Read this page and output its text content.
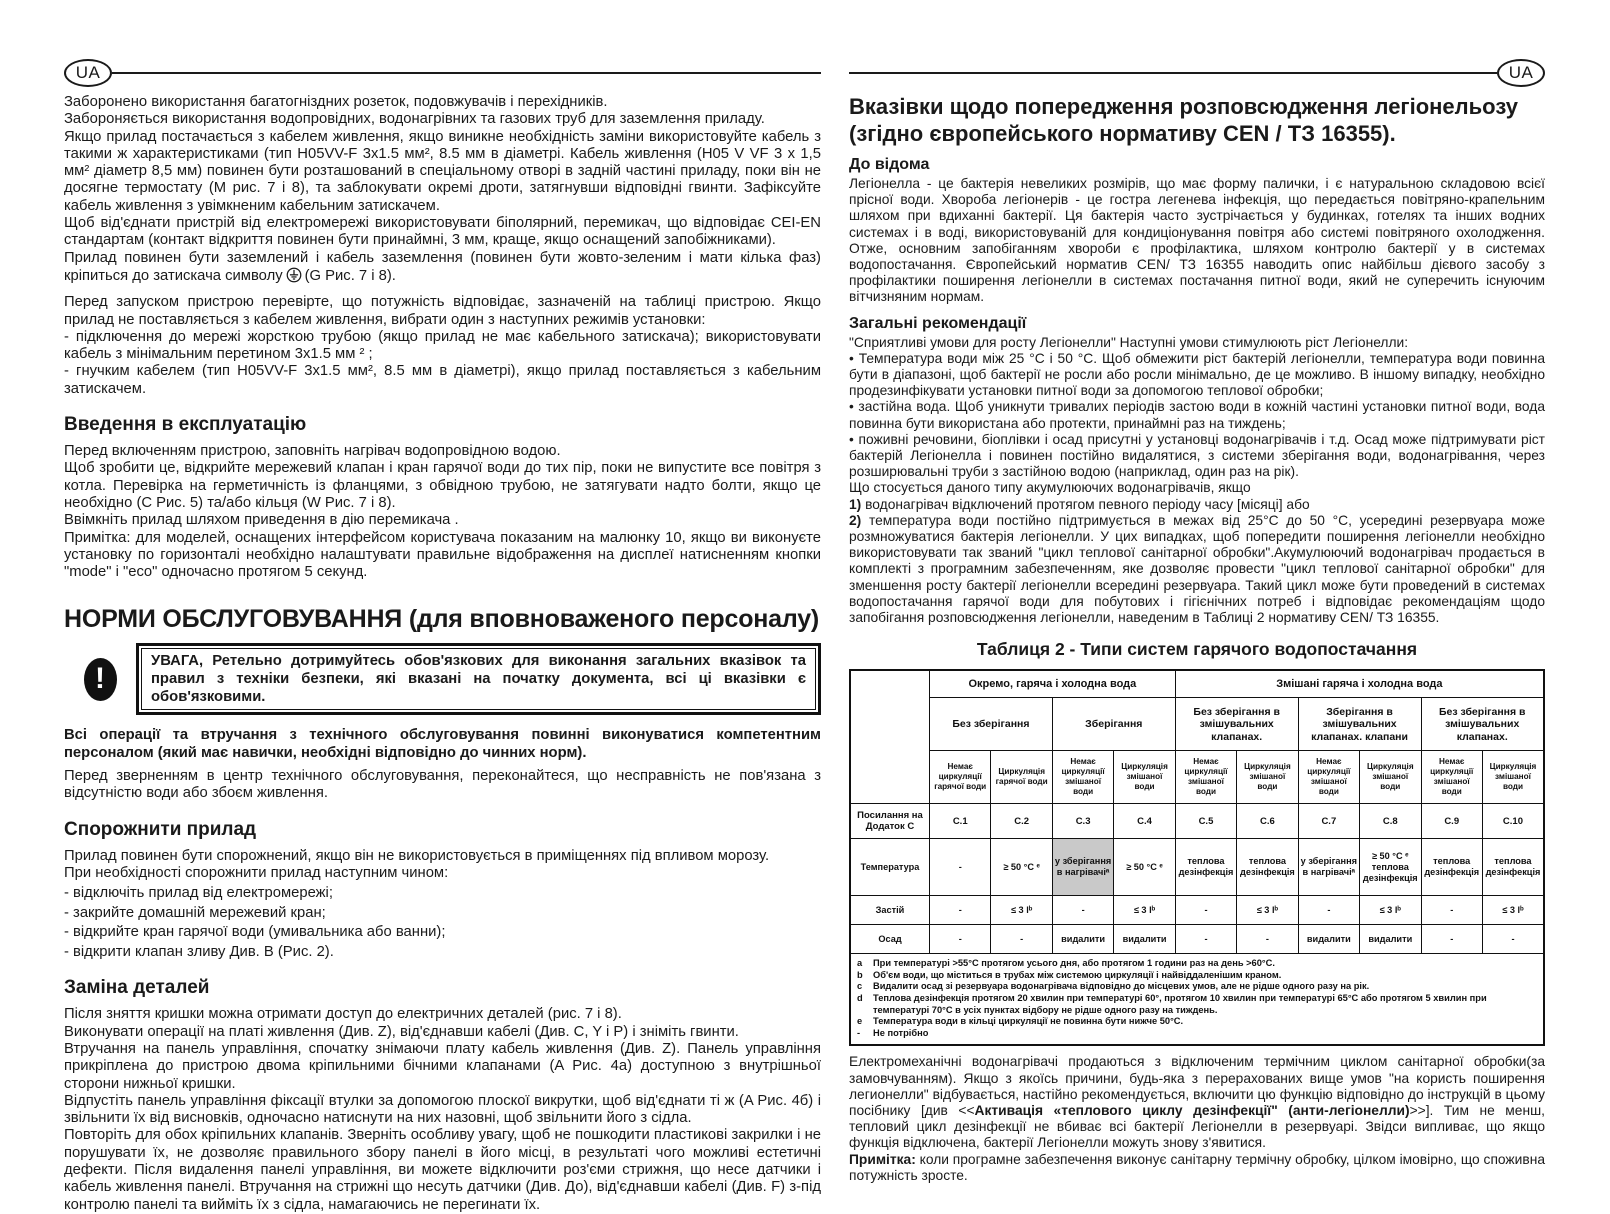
UA

Заборонено використання багатогніздних розеток, подовжувачів і перехідників.

Забороняється використання водопровідних, водонагрівних та газових труб для заземлення приладу.

Якщо прилад постачається з кабелем живлення, якщо виникне необхідність заміни використовуйте кабель з такими ж характеристиками (тип H05VV-F 3x1.5 мм², 8.5 мм в діаметрі. Кабель живлення (H05 V VF 3 x 1,5 мм² діаметр 8,5 мм) повинен бути розташований в спеціальному отворі в задній частині приладу, поки він не досягне термостату (M рис. 7 і 8), та заблокувати окремі дроти, затягнувши відповідні гвинти. Зафіксуйте кабель живлення з увімкненим кабельним затискачем.

Щоб від'єднати пристрій від електромережі використовувати біполярний, перемикач, що відповідає CEI-EN стандартам (контакт відкриття повинен бути принаймні, 3 мм, краще, якщо оснащений запобіжниками).

Прилад повинен бути заземлений і кабель заземлення (повинен бути жовто-зеленим і мати кілька фаз) кріпиться до затискача символу (G Рис. 7 і 8).

Перед запуском пристрою перевірте, що потужність відповідає, зазначеній на таблиці пристрою. Якщо прилад не поставляється з кабелем живлення, вибрати один з наступних режимів установки:

- підключення до мережі жорсткою трубою (якщо прилад не має кабельного затискача); використовувати кабель з мінімальним перетином 3x1.5 мм ² ;

- гнучким кабелем (тип H05VV-F 3x1.5 мм², 8.5 мм в діаметрі), якщо прилад поставляється з кабельним затискачем.

Введення в експлуатацію

Перед включенням пристрою, заповніть нагрівач водопровідною водою.

Щоб зробити це, відкрийте мережевий клапан і кран гарячої води до тих пір, поки не випустите все повітря з котла. Перевірка на герметичність із фланцями, з обвідною трубою, не затягувати надто болти, якщо це необхідно (C Рис. 5) та/або кільця (W Рис. 7 і 8).

Ввімкніть прилад шляхом приведення в дію перемикача .

Примітка: для моделей, оснащених інтерфейсом користувача показаним на малюнку 10, якщо ви виконуєте установку по горизонталі необхідно налаштувати правильне відображення на дисплеї натисненням кнопки "mode" і "eco" одночасно протягом 5 секунд.

НОРМИ ОБСЛУГОВУВАННЯ (для вповноваженого персоналу)
!

УВАГА, Ретельно дотримуйтесь обов'язкових для виконання загальних вказівок та правил з техніки безпеки, які вказані на початку документа, всі ці вказівки є обов'язковими.

Всі операції та втручання з технічного обслуговування повинні виконуватися компетентним персоналом (який має навички, необхідні відповідно до чинних норм).

Перед зверненням в центр технічного обслуговування, переконайтеся, що несправність не пов'язана з відсутністю води або збоєм живлення.

Спорожнити прилад

Прилад повинен бути спорожнений, якщо він не використовується в приміщеннях під впливом морозу.

При необхідності спорожнити прилад наступним чином:

- відключіть прилад від електромережі;

- закрийте домашній мережевий кран;

- відкрийте кран гарячої води (умивальника або ванни);

- відкрити клапан зливу Див. B (Рис. 2).

Заміна деталей

Після зняття кришки можна отримати доступ до електричних деталей (рис. 7 і 8).

Виконувати операції на платі живлення (Див. Z), від'єднавши кабелі (Див. C, Y і P) і зніміть гвинти.

Втручання на панель управління, спочатку знімаючи плату кабель живлення (Див. Z). Панель управління прикріплена до пристрою двома кріпильними бічними клапанами (A Рис. 4a) доступною з внутрішньої сторони нижньої кришки.

Відпустіть панель управління фіксації втулки за допомогою плоскої викрутки, щоб від'єднати ті ж (A Рис. 4б) і звільнити їх від висновків, одночасно натиснути на них назовні, щоб звільнити його з сідла.

Повторіть для обох кріпильних клапанів. Зверніть особливу увагу, щоб не пошкодити пластикові закрилки і не порушувати їх, не дозволяє правильного збору панелі в його місці, в результаті чого можливі естетичні дефекти. Після видалення панелі управління, ви можете відключити роз'єми стрижня, що несе датчики і кабель живлення панелі. Втручання на стрижні що несуть датчики (Див. До), від'єднавши кабелі (Див. F) з-під контролю панелі та вийміть їх з сідла, намагаючись не перегинати їх.

UA
Вказівки щодо попередження розповсюдження легіонельозу (згідно європейського нормативу CEN / ТЗ 16355).
До відома

Легіонелла - це бактерія невеликих розмірів, що має форму палички, і є натуральною складовою всієї прісної води. Хвороба легіонерів - це гостра легенева інфекція, що передається повітряно-крапельним шляхом при вдиханні бактерії. Ця бактерія часто зустрічається у будинках, готелях та інших водних системах і в воді, використовуваній для кондиціонування повітря або системі повітряного охолодження. Отже, основним запобіганням хвороби є профілактика, шляхом контролю бактерії у в системах водопостачання. Європейський норматив CEN/ ТЗ 16355 наводить опис найбільш дієвого засобу з профілактики поширення легіонелли в системах постачання питної води, який не суперечить існуючим вітчизняним нормам.

Загальні рекомендації

"Сприятливі умови для росту Легіонелли" Наступні умови стимулюють ріст Легіонелли:

• Температура води між 25 °C і 50 °C. Щоб обмежити ріст бактерій легіонелли, температура води повинна бути в діапазоні, щоб бактерії не росли або росли мінімально, де це можливо. В іншому випадку, необхідно продезинфікувати установки питної води за допомогою теплової обробки;

• застійна вода. Щоб уникнути тривалих періодів застою води в кожній частині установки питної води, вода повинна бути використана або протекти, принаймні раз на тиждень;

• поживні речовини, біоплівки і осад присутні у установці водонагрівачів і т.д. Осад може підтримувати ріст бактерій Легіонелла і повинен постійно видалятися, з системи зберігання води, водонагрівання, через розширювальні труби з застійною водою (наприклад, один раз на рік).

Що стосується даного типу акумулюючих водонагрівачів, якщо

1) водонагрівач відключений протягом певного періоду часу [місяці] або

2) температура води постійно підтримується в межах від 25°C до 50 °C, усередині резервуара може розмножуватися бактерія легіонелли. У цих випадках, щоб попередити поширення легіонелли необхідно використовувати так званий "цикл теплової санітарної обробки".Акумулюючий водонагрівач продається в комплекті з програмним забезпеченням, яке дозволяє провести "цикл теплової санітарної обробки" для зменшення росту бактерії легіонелли всередині резервуара. Такий цикл може бути проведений в системах водопостачання гарячої води для побутових і гігієнічних потреб і відповідає рекомендаціям щодо запобігання розповсюдження легіонелли, наведеним в Таблиці 2 нормативу CEN/ ТЗ 16355.

Таблиця 2 - Типи систем гарячого водопостачання
	Окремо, гаряча і холодна вода				Змішані гаряча і холодна вода					
	Без зберігання		Зберігання		Без зберігання в змішувальних клапанах.		Зберігання в змішувальних клапанах. клапани		Без зберігання в змішувальних клапанах.	
	Немає циркуляції гарячої води	Циркуляція гарячої води	Немає циркуляції змішаної води	Циркуляція змішаної води	Немає циркуляції змішаної води	Циркуляція змішаної води	Немає циркуляції змішаної води	Циркуляція змішаної води	Немає циркуляції змішаної води	Циркуляція змішаної води
Посилання на Додаток C	C.1	C.2	C.3	C.4	C.5	C.6	C.7	C.8	C.9	C.10
Температура	-	≥ 50 °C ᵉ	у зберігання в нагрівачіᵃ	≥ 50 °C ᵉ	теплова дезінфекція	теплова дезінфекція	у зберігання в нагрівачіᵃ	≥ 50 °C ᵉ теплова дезінфекція	теплова дезінфекція	теплова дезінфекція
Застій	-	≤ 3 lᵇ	-	≤ 3 lᵇ	-	≤ 3 lᵇ	-	≤ 3 lᵇ	-	≤ 3 lᵇ
Осад	-	-	видалити	видалити	-	-	видалити	видалити	-	-

a	При температурі >55°C протягом усього дня, або протягом 1 години раз на день >60°C.
b	Об'єм води, що міститься в трубах між системою циркуляції і найвіддаленішим краном.
c	Видалити осад зі резервуара водонагрівача відповідно до місцевих умов, але не рідше одного разу на рік.
d	Теплова дезінфекція протягом 20 хвилин при температурі 60°, протягом 10 хвилин при температурі 65°С або протягом 5 хвилин при температурі 70°С в усіх пунктах відбору не рідше одного разу на тиждень.
e	Температура води в кільці циркуляції не повинна бути нижче 50°С.
-	Не потрібно

Електромеханічні водонагрівачі продаються з відключеним термічним циклом санітарної обробки(за замовчуванням). Якщо з якоїсь причини, будь-яка з перерахованих вище умов "на користь поширення легионелли" відбувається, настійно рекомендується, включити цю функцію відповідно до інструкцій в цьому посібнику [див <<Активація «теплового циклу дезінфекції" (анти-легіонелли)>>]. Тим не менш, тепловий цикл дезінфекції не вбиває всі бактерії Легіонелли в резервуарі. Звідси випливає, що якщо функція відключена, бактерії Легіонелли можуть знову з'явитися.

Примітка: коли програмне забезпечення виконує санітарну термічну обробку, цілком імовірно, що споживна потужність зросте.
